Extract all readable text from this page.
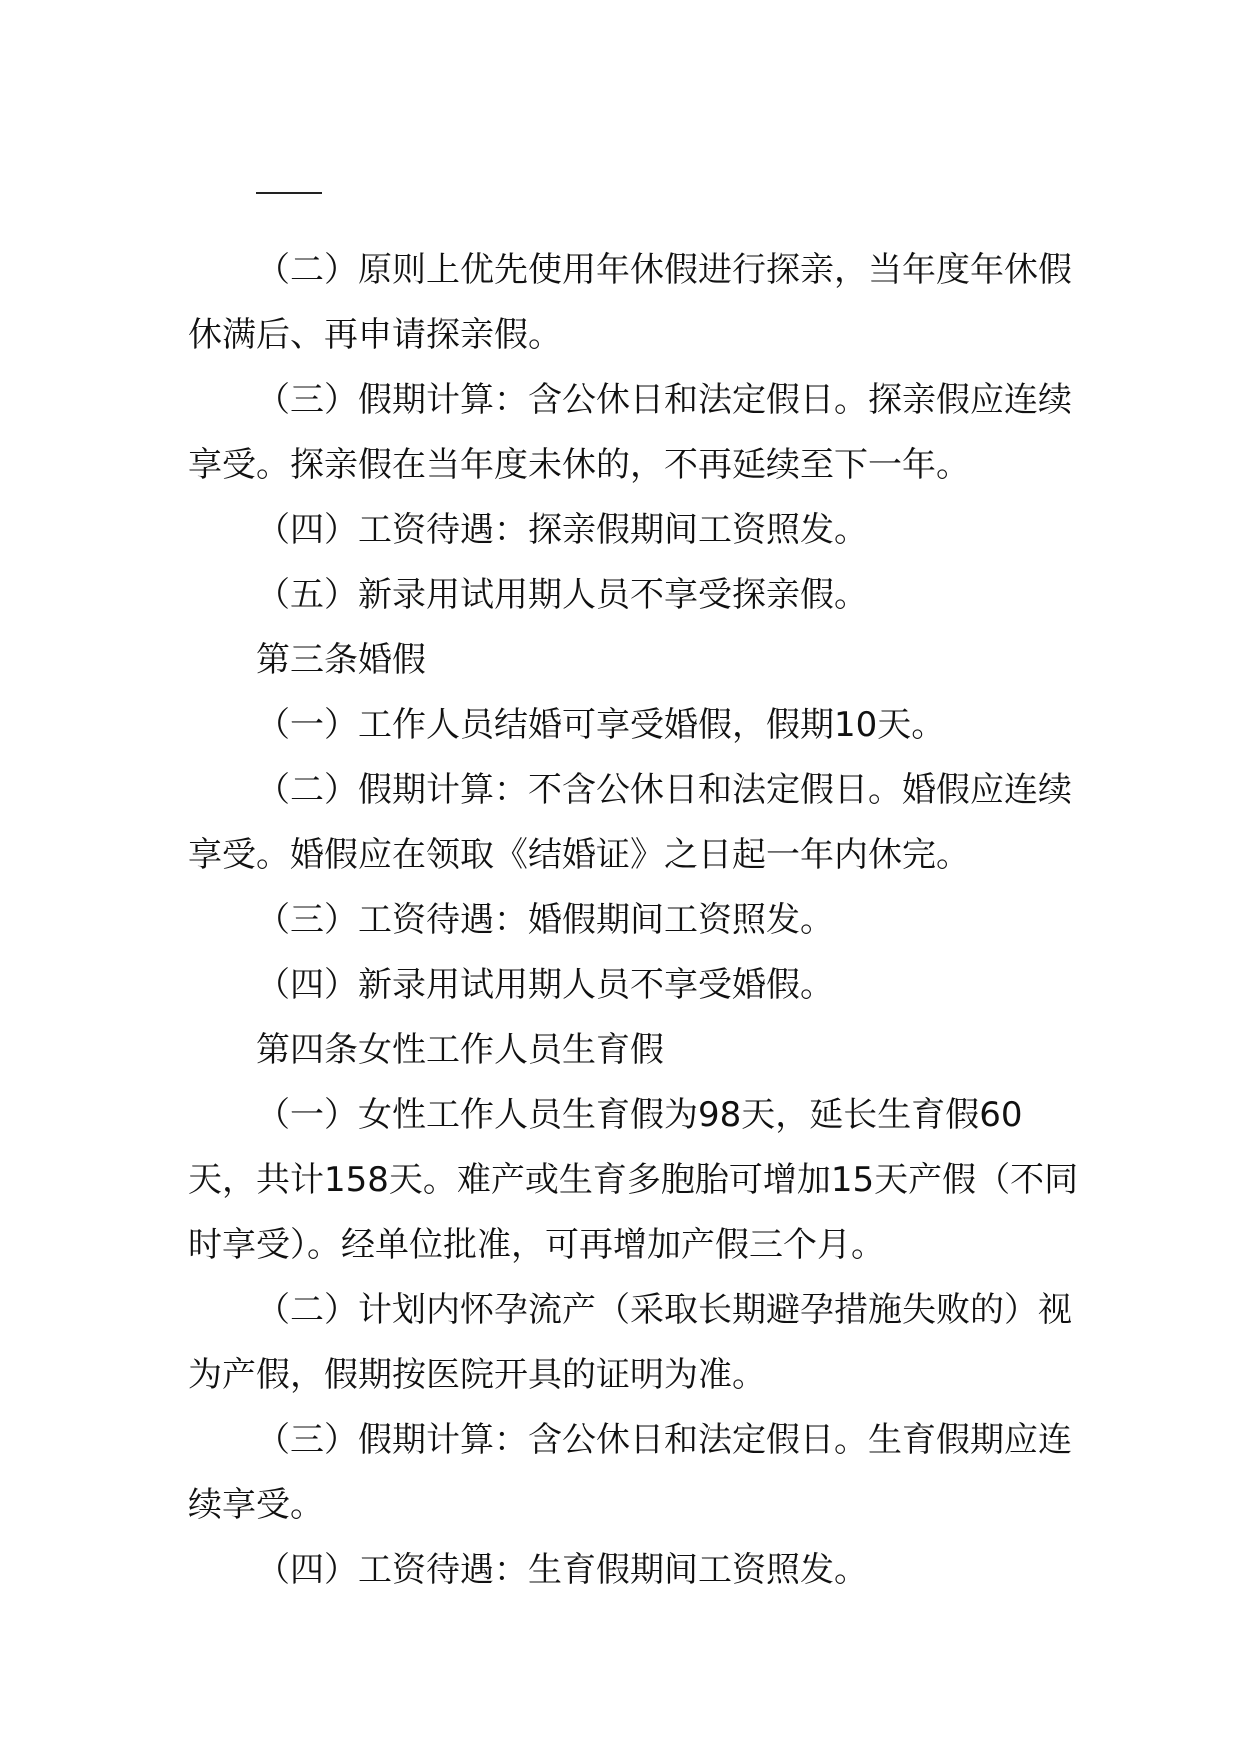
（二）原则上优先使用年休假进行探亲，当年度年休假休满后、再申请探亲假。

（三）假期计算：含公休日和法定假日。探亲假应连续享受。探亲假在当年度未休的，不再延续至下一年。

（四）工资待遇：探亲假期间工资照发。

（五）新录用试用期人员不享受探亲假。

第三条婚假

（一）工作人员结婚可享受婚假，假期10天。

（二）假期计算：不含公休日和法定假日。婚假应连续享受。婚假应在领取《结婚证》之日起一年内休完。

（三）工资待遇：婚假期间工资照发。

（四）新录用试用期人员不享受婚假。

第四条女性工作人员生育假

（一）女性工作人员生育假为98天，延长生育假60天，共计158天。难产或生育多胞胎可增加15天产假（不同时享受）。经单位批准，可再增加产假三个月。

（二）计划内怀孕流产（采取长期避孕措施失败的）视为产假，假期按医院开具的证明为准。

（三）假期计算：含公休日和法定假日。生育假期应连续享受。

（四）工资待遇：生育假期间工资照发。
